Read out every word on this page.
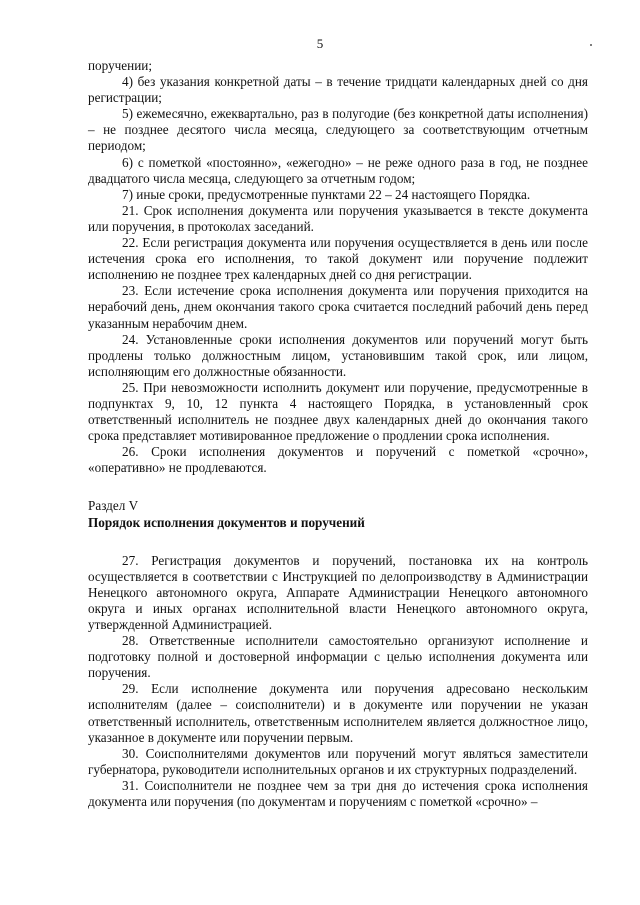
5

поручении;

4) без указания конкретной даты – в течение тридцати календарных дней со дня регистрации;

5) ежемесячно, ежеквартально, раз в полугодие (без конкретной даты исполнения) – не позднее десятого числа месяца, следующего за соответствующим отчетным периодом;

6) с пометкой «постоянно», «ежегодно» – не реже одного раза в год, не позднее двадцатого числа месяца, следующего за отчетным годом;

7) иные сроки, предусмотренные пунктами 22 – 24 настоящего Порядка.

21. Срок исполнения документа или поручения указывается в тексте документа или поручения, в протоколах заседаний.

22. Если регистрация документа или поручения осуществляется в день или после истечения срока его исполнения, то такой документ или поручение подлежит исполнению не позднее трех календарных дней со дня регистрации.

23. Если истечение срока исполнения документа или поручения приходится на нерабочий день, днем окончания такого срока считается последний рабочий день перед указанным нерабочим днем.

24. Установленные сроки исполнения документов или поручений могут быть продлены только должностным лицом, установившим такой срок, или лицом, исполняющим его должностные обязанности.

25. При невозможности исполнить документ или поручение, предусмотренные в подпунктах 9, 10, 12 пункта 4 настоящего Порядка, в установленный срок ответственный исполнитель не позднее двух календарных дней до окончания такого срока представляет мотивированное предложение о продлении срока исполнения.

26. Сроки исполнения документов и поручений с пометкой «срочно», «оперативно» не продлеваются.

Раздел V

Порядок исполнения документов и поручений

27. Регистрация документов и поручений, постановка их на контроль осуществляется в соответствии с Инструкцией по делопроизводству в Администрации Ненецкого автономного округа, Аппарате Администрации Ненецкого автономного округа и иных органах исполнительной власти Ненецкого автономного округа, утвержденной Администрацией.

28. Ответственные исполнители самостоятельно организуют исполнение и подготовку полной и достоверной информации с целью исполнения документа или поручения.

29. Если исполнение документа или поручения адресовано нескольким исполнителям (далее – соисполнители) и в документе или поручении не указан ответственный исполнитель, ответственным исполнителем является должностное лицо, указанное в документе или поручении первым.

30. Соисполнителями документов или поручений могут являться заместители губернатора, руководители исполнительных органов и их структурных подразделений.

31. Соисполнители не позднее чем за три дня до истечения срока исполнения документа или поручения (по документам и поручениям с пометкой «срочно» –
